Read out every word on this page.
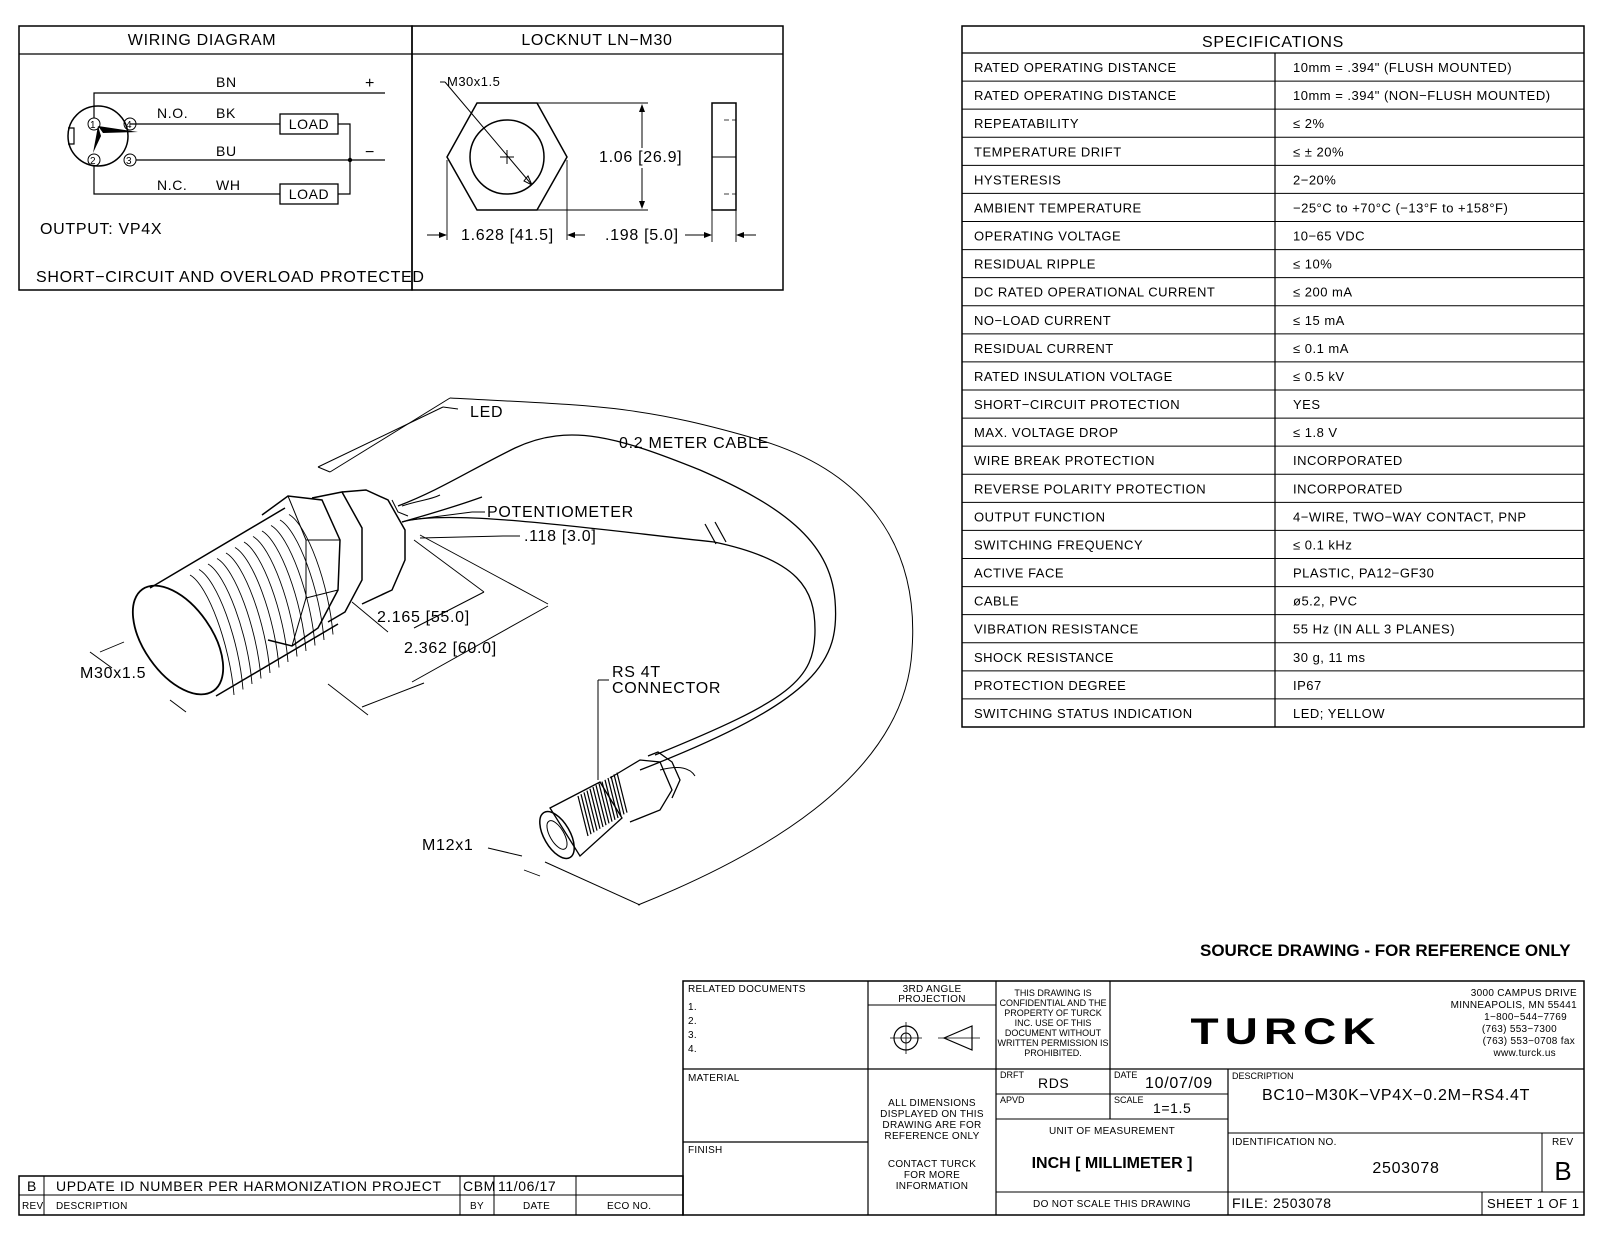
WIRING DIAGRAM
1	4
2	3
BN
BK
BU
WH
+
−
N.O.
N.C.
LOAD
LOAD
OUTPUT: VP4X
SHORT−CIRCUIT AND OVERLOAD PROTECTED
LOCKNUT LN−M30
M30x1.5
1.06 [26.9]
1.628 [41.5]	.198 [5.0]
SPECIFICATIONS
RATED OPERATING DISTANCE	10mm = .394" (FLUSH MOUNTED)
RATED OPERATING DISTANCE	10mm = .394" (NON−FLUSH MOUNTED)
REPEATABILITY	≤ 2%
TEMPERATURE DRIFT	≤ ± 20%
HYSTERESIS	2−20%
AMBIENT TEMPERATURE	−25°C to +70°C (−13°F to +158°F)
OPERATING VOLTAGE	10−65 VDC
RESIDUAL RIPPLE	≤ 10%
DC RATED OPERATIONAL CURRENT	≤ 200 mA
NO−LOAD CURRENT	≤ 15 mA
RESIDUAL CURRENT	≤ 0.1 mA
RATED INSULATION VOLTAGE	≤ 0.5 kV
SHORT−CIRCUIT PROTECTION	YES
MAX. VOLTAGE DROP	≤ 1.8 V
WIRE BREAK PROTECTION	INCORPORATED
REVERSE POLARITY PROTECTION	INCORPORATED
OUTPUT FUNCTION	4−WIRE, TWO−WAY CONTACT, PNP
SWITCHING FREQUENCY	≤ 0.1 kHz
ACTIVE FACE	PLASTIC, PA12−GF30
CABLE	ø5.2, PVC
VIBRATION RESISTANCE	55 Hz (IN ALL 3 PLANES)
SHOCK RESISTANCE	30 g, 11 ms
PROTECTION DEGREE	IP67
SWITCHING STATUS INDICATION	LED; YELLOW
LED
0.2 METER CABLE
POTENTIOMETER
.118 [3.0]
2.165 [55.0]
2.362 [60.0]
M30x1.5	RS 4T
CONNECTOR
M12x1
SOURCE DRAWING - FOR REFERENCE ONLY
RELATED DOCUMENTS
1.
2.
3.
4.
MATERIAL
FINISH
3RD ANGLE
PROJECTION
ALL DIMENSIONS
DISPLAYED ON THIS
DRAWING ARE FOR
REFERENCE ONLY
CONTACT TURCK
FOR MORE
INFORMATION
THIS DRAWING IS
CONFIDENTIAL AND THE
PROPERTY OF TURCK
INC. USE OF THIS
DOCUMENT WITHOUT
WRITTEN PERMISSION IS
PROHIBITED.
TURCK
3000 CAMPUS DRIVE
MINNEAPOLIS, MN 55441
1−800−544−7769
(763) 553−7300
(763) 553−0708 fax
www.turck.us
DRFT RDS	DATE 10/07/09
APVD	SCALE 1=1.5
UNIT OF MEASUREMENT
INCH [ MILLIMETER ]
DO NOT SCALE THIS DRAWING
DESCRIPTION
BC10−M30K−VP4X−0.2M−RS4.4T
IDENTIFICATION NO.
2503078
REV
B
FILE: 2503078	SHEET 1 OF 1
B UPDATE ID NUMBER PER HARMONIZATION PROJECT CBM 11/06/17
REV DESCRIPTION	BY	DATE	ECO NO.
